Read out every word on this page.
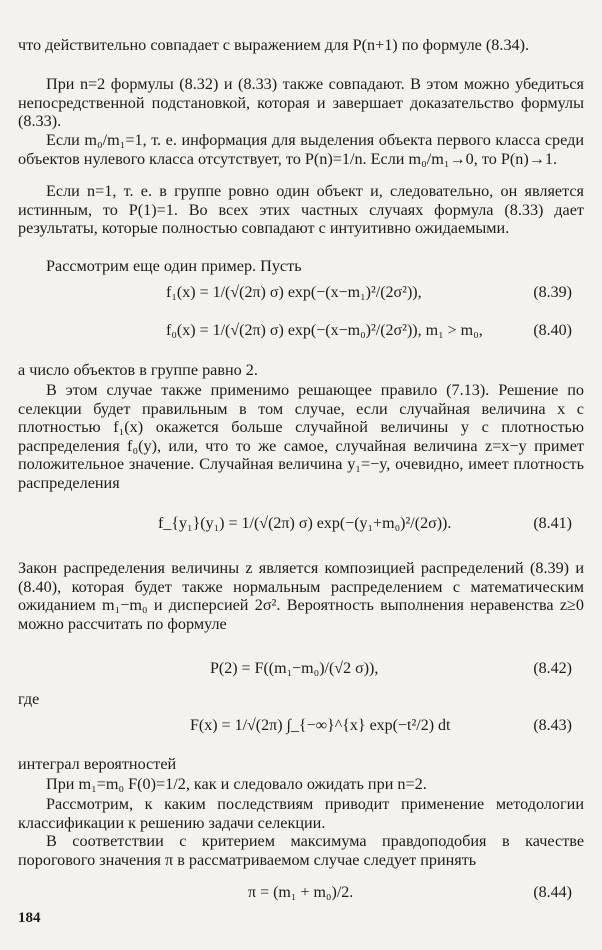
что действительно совпадает с выражением для P(n+1) по формуле (8.34).

При n=2 формулы (8.32) и (8.33) также совпадают. В этом можно убедиться непосредственной подстановкой, которая и завершает доказательство формулы (8.33).

Если m₀/m₁=1, т. е. информация для выделения объекта первого класса среди объектов нулевого класса отсутствует, то P(n)=1/n. Если m₀/m₁→0, то P(n)→1.

Если n=1, т. е. в группе ровно один объект и, следовательно, он является истинным, то P(1)=1. Во всех этих частных случаях формула (8.33) дает результаты, которые полностью совпадают с интуитивно ожидаемыми.

Рассмотрим еще один пример. Пусть

f₁(x) = 1/(√(2π) σ) exp(−(x−m₁)²/(2σ²)),	(8.39)
f₀(x) = 1/(√(2π) σ) exp(−(x−m₀)²/(2σ²)), m₁ > m₀,	(8.40)

а число объектов в группе равно 2.

В этом случае также применимо решающее правило (7.13). Решение по селекции будет правильным в том случае, если случайная величина x с плотностью f₁(x) окажется больше случайной величины y с плотностью распределения f₀(y), или, что то же самое, случайная величина z=x−y примет положительное значение. Случайная величина y₁=−y, очевидно, имеет плотность распределения

f_{y₁}(y₁) = 1/(√(2π) σ) exp(−(y₁+m₀)²/(2σ)).	(8.41)

Закон распределения величины z является композицией распределений (8.39) и (8.40), которая будет также нормальным распределением с математическим ожиданием m₁−m₀ и дисперсией 2σ². Вероятность выполнения неравенства z≥0 можно рассчитать по формуле

P(2) = F((m₁−m₀)/(√2 σ)),	(8.42)

где

F(x) = 1/√(2π) ∫_{−∞}^{x} exp(−t²/2) dt	(8.43)

интеграл вероятностей

При m₁=m₀ F(0)=1/2, как и следовало ожидать при n=2.

Рассмотрим, к каким последствиям приводит применение методологии классификации к решению задачи селекции.

В соответствии с критерием максимума правдоподобия в качестве порогового значения π в рассматриваемом случае следует принять

π = (m₁ + m₀)/2.	(8.44)
184
